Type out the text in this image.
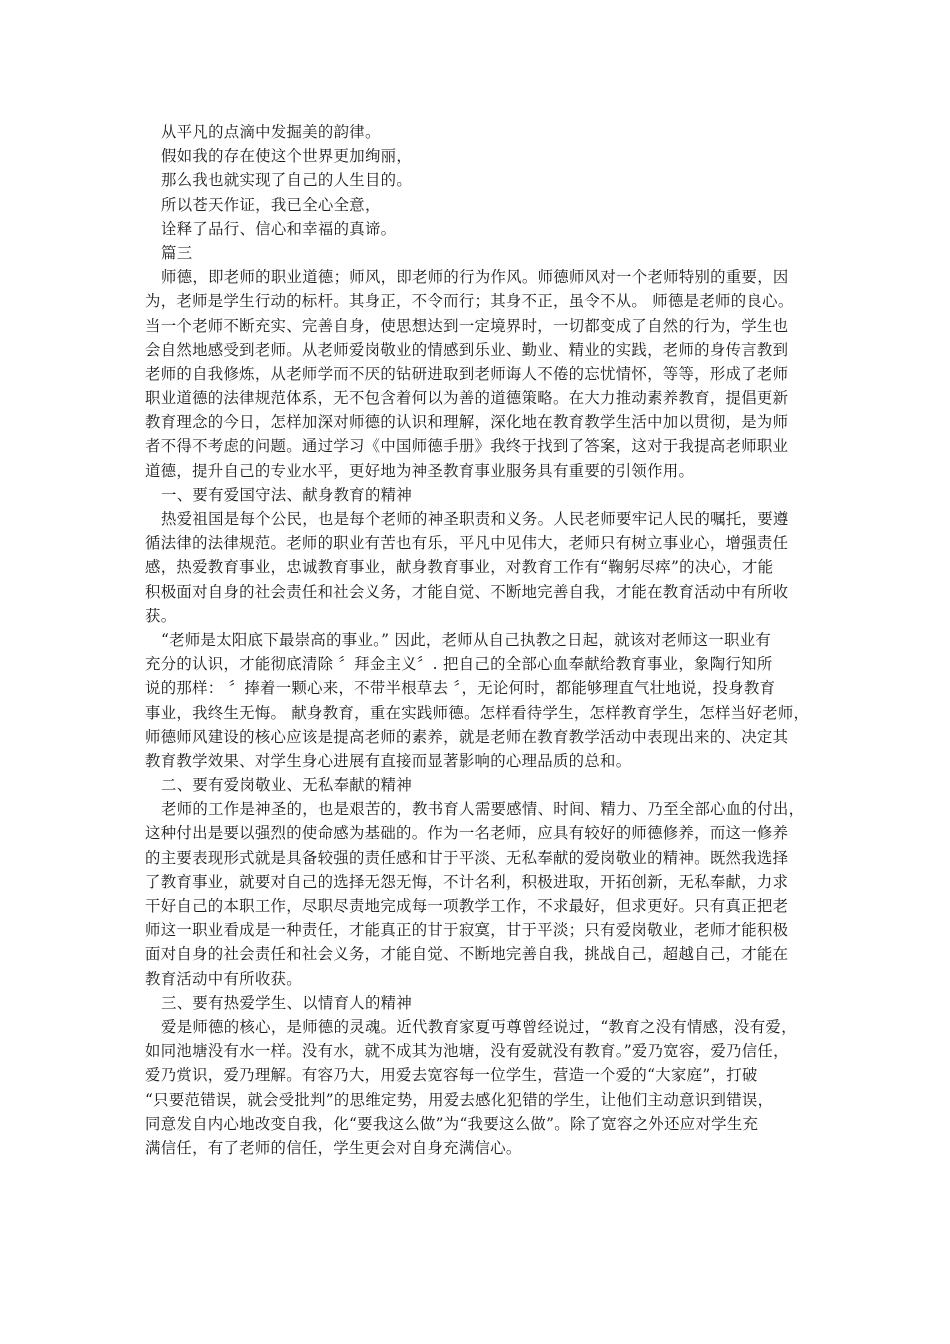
从平凡的点滴中发掘美的韵律。
假如我的存在使这个世界更加绚丽，
那么我也就实现了自己的人生目的。
所以苍天作证，我已全心全意，
诠释了品行、信心和幸福的真谛。
篇三
师德，即老师的职业道德；师风，即老师的行为作风。师德师风对一个老师特别的重要，因
为，老师是学生行动的标杆。其身正，不令而行；其身不正，虽令不从。 师德是老师的良心。
当一个老师不断充实、完善自身，使思想达到一定境界时，一切都变成了自然的行为，学生也
会自然地感受到老师。从老师爱岗敬业的情感到乐业、勤业、精业的实践，老师的身传言教到
老师的自我修炼，从老师学而不厌的钻研进取到老师诲人不倦的忘忧情怀，等等，形成了老师
职业道德的法律规范体系，无不包含着何以为善的道德策略。在大力推动素养教育，提倡更新
教育理念的今日，怎样加深对师德的认识和理解，深化地在教育教学生活中加以贯彻，是为师
者不得不考虑的问题。通过学习《中国师德手册》我终于找到了答案，这对于我提高老师职业
道德，提升自己的专业水平，更好地为神圣教育事业服务具有重要的引领作用。
一、要有爱国守法、献身教育的精神
热爱祖国是每个公民，也是每个老师的神圣职责和义务。人民老师要牢记人民的嘱托，要遵
循法律的法律规范。老师的职业有苦也有乐，平凡中见伟大，老师只有树立事业心，增强责任
感，热爱教育事业，忠诚教育事业，献身教育事业，对教育工作有“鞠躬尽瘁”的决心，才能
积极面对自身的社会责任和社会义务，才能自觉、不断地完善自我，才能在教育活动中有所收
获。
“老师是太阳底下最崇高的事业。” 因此，老师从自己执教之日起，就该对老师这一职业有
充分的认识，才能彻底清除 〞拜金主义〞. 把自己的全部心血奉献给教育事业，象陶行知所
说的那样： 〞捧着一颗心来，不带半根草去 〞，无论何时，都能够理直气壮地说，投身教育
事业，我终生无悔。 献身教育，重在实践师德。怎样看待学生，怎样教育学生，怎样当好老师，
师德师风建设的核心应该是提高老师的素养，就是老师在教育教学活动中表现出来的、决定其
教育教学效果、对学生身心进展有直接而显著影响的心理品质的总和。
二、要有爱岗敬业、无私奉献的精神
老师的工作是神圣的，也是艰苦的，教书育人需要感情、时间、精力、乃至全部心血的付出，
这种付出是要以强烈的使命感为基础的。作为一名老师，应具有较好的师德修养，而这一修养
的主要表现形式就是具备较强的责任感和甘于平淡、无私奉献的爱岗敬业的精神。既然我选择
了教育事业，就要对自己的选择无怨无悔，不计名利，积极进取，开拓创新，无私奉献，力求
干好自己的本职工作，尽职尽责地完成每一项教学工作，不求最好，但求更好。只有真正把老
师这一职业看成是一种责任，才能真正的甘于寂寞，甘于平淡；只有爱岗敬业，老师才能积极
面对自身的社会责任和社会义务，才能自觉、不断地完善自我，挑战自己，超越自己，才能在
教育活动中有所收获。
三、要有热爱学生、以情育人的精神
爱是师德的核心，是师德的灵魂。近代教育家夏丏尊曾经说过，“教育之没有情感，没有爱，
如同池塘没有水一样。没有水，就不成其为池塘，没有爱就没有教育。”爱乃宽容，爱乃信任，
爱乃赏识，爱乃理解。有容乃大，用爱去宽容每一位学生，营造一个爱的“大家庭”，打破
“只要范错误，就会受批判”的思维定势，用爱去感化犯错的学生，让他们主动意识到错误，
同意发自内心地改变自我，化“要我这么做”为“我要这么做”。除了宽容之外还应对学生充
满信任，有了老师的信任，学生更会对自身充满信心。
